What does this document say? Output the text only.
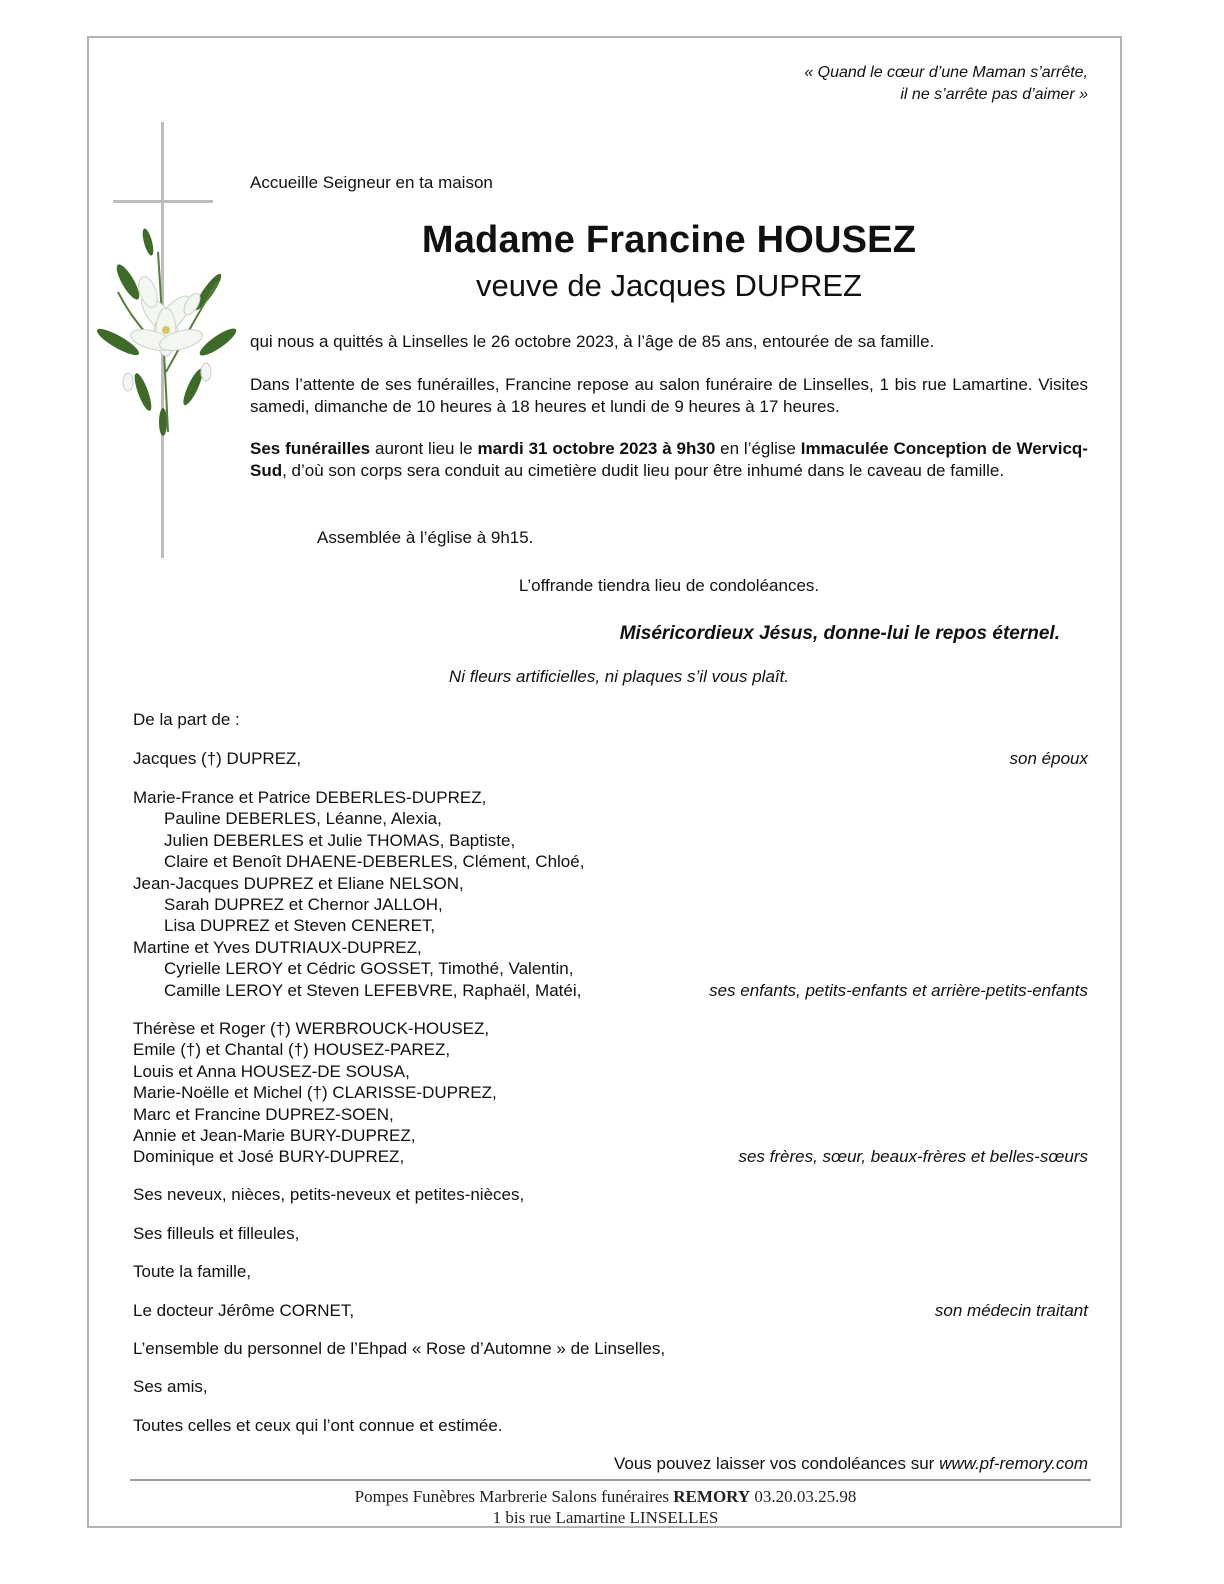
« Quand le cœur d’une Maman s’arrête,
il ne s’arrête pas d’aimer »
Accueille Seigneur en ta maison
Madame Francine HOUSEZ
veuve de Jacques DUPREZ
qui nous a quittés à Linselles le 26 octobre 2023, à l’âge de 85 ans, entourée de sa famille.
Dans l’attente de ses funérailles, Francine repose au salon funéraire de Linselles, 1 bis rue Lamartine. Visites samedi, dimanche de 10 heures à 18 heures et lundi de 9 heures à 17 heures.
Ses funérailles auront lieu le mardi 31 octobre 2023 à 9h30 en l’église Immaculée Conception de Wervicq-Sud, d’où son corps sera conduit au cimetière dudit lieu pour être inhumé dans le caveau de famille.
Assemblée à l’église à 9h15.
L’offrande tiendra lieu de condoléances.
Miséricordieux Jésus, donne-lui le repos éternel.
Ni fleurs artificielles, ni plaques s’il vous plaît.
De la part de :
Jacques (†) DUPREZ,	son époux
Marie-France et Patrice DEBERLES-DUPREZ,
Pauline DEBERLES, Léanne, Alexia,
Julien DEBERLES et Julie THOMAS, Baptiste,
Claire et Benoît DHAENE-DEBERLES, Clément, Chloé,
Jean-Jacques DUPREZ et Eliane NELSON,
Sarah DUPREZ et Chernor JALLOH,
Lisa DUPREZ et Steven CENERET,
Martine et Yves DUTRIAUX-DUPREZ,
Cyrielle LEROY et Cédric GOSSET, Timothé, Valentin,
Camille LEROY et Steven LEFEBVRE, Raphaël, Matéi,	ses enfants, petits-enfants et arrière-petits-enfants
Thérèse et Roger (†) WERBROUCK-HOUSEZ,
Emile (†) et Chantal (†) HOUSEZ-PAREZ,
Louis et Anna HOUSEZ-DE SOUSA,
Marie-Noëlle et Michel (†) CLARISSE-DUPREZ,
Marc et Francine DUPREZ-SOEN,
Annie et Jean-Marie BURY-DUPREZ,
Dominique et José BURY-DUPREZ,	ses frères, sœur, beaux-frères et belles-sœurs
Ses neveux, nièces, petits-neveux et petites-nièces,
Ses filleuls et filleules,
Toute la famille,
Le docteur Jérôme CORNET,	son médecin traitant
L’ensemble du personnel de l’Ehpad « Rose d’Automne » de Linselles,
Ses amis,
Toutes celles et ceux qui l’ont connue et estimée.
Vous pouvez laisser vos condoléances sur www.pf-remory.com
Pompes Funèbres Marbrerie Salons funéraires REMORY 03.20.03.25.98
1 bis rue Lamartine LINSELLES
